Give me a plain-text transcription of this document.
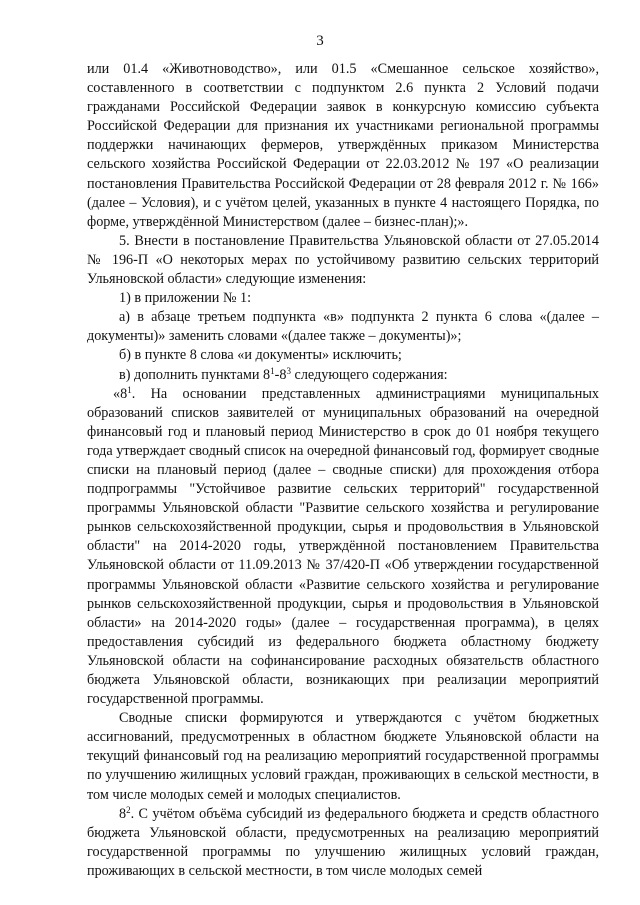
3

или 01.4 «Животноводство», или 01.5 «Смешанное сельское хозяйство», составленного в соответствии с подпунктом 2.6 пункта 2 Условий подачи гражданами Российской Федерации заявок в конкурсную комиссию субъекта Российской Федерации для признания их участниками региональной программы поддержки начинающих фермеров, утверждённых приказом Министерства сельского хозяйства Российской Федерации от 22.03.2012 № 197 «О реализации постановления Правительства Российской Федерации от 28 февраля 2012 г. № 166» (далее – Условия), и с учётом целей, указанных в пункте 4 настоящего Порядка, по форме, утверждённой Министерством (далее – бизнес-план);».

5. Внести в постановление Правительства Ульяновской области от 27.05.2014 № 196-П «О некоторых мерах по устойчивому развитию сельских территорий Ульяновской области» следующие изменения:

1) в приложении № 1:

а) в абзаце третьем подпункта «в» подпункта 2 пункта 6 слова «(далее – документы)» заменить словами «(далее также – документы)»;

б) в пункте 8 слова «и документы» исключить;

в) дополнить пунктами $8^1-8^3$ следующего содержания:

«$8^1$. На основании представленных администрациями муниципальных образований списков заявителей от муниципальных образований на очередной финансовый год и плановый период Министерство в срок до 01 ноября текущего года утверждает сводный список на очередной финансовый год, формирует сводные списки на плановый период (далее – сводные списки) для прохождения отбора подпрограммы "Устойчивое развитие сельских территорий" государственной программы Ульяновской области "Развитие сельского хозяйства и регулирование рынков сельскохозяйственной продукции, сырья и продовольствия в Ульяновской области" на 2014-2020 годы, утверждённой постановлением Правительства Ульяновской области от 11.09.2013 № 37/420-П «Об утверждении государственной программы Ульяновской области «Развитие сельского хозяйства и регулирование рынков сельскохозяйственной продукции, сырья и продовольствия в Ульяновской области» на 2014-2020 годы» (далее – государственная программа), в целях предоставления субсидий из федерального бюджета областному бюджету Ульяновской области на софинансирование расходных обязательств областного бюджета Ульяновской области, возникающих при реализации мероприятий государственной программы.

Сводные списки формируются и утверждаются с учётом бюджетных ассигнований, предусмотренных в областном бюджете Ульяновской области на текущий финансовый год на реализацию мероприятий государственной программы по улучшению жилищных условий граждан, проживающих в сельской местности, в том числе молодых семей и молодых специалистов.

$8^2$. С учётом объёма субсидий из федерального бюджета и средств областного бюджета Ульяновской области, предусмотренных на реализацию мероприятий государственной программы по улучшению жилищных условий граждан, проживающих в сельской местности, в том числе молодых семей
